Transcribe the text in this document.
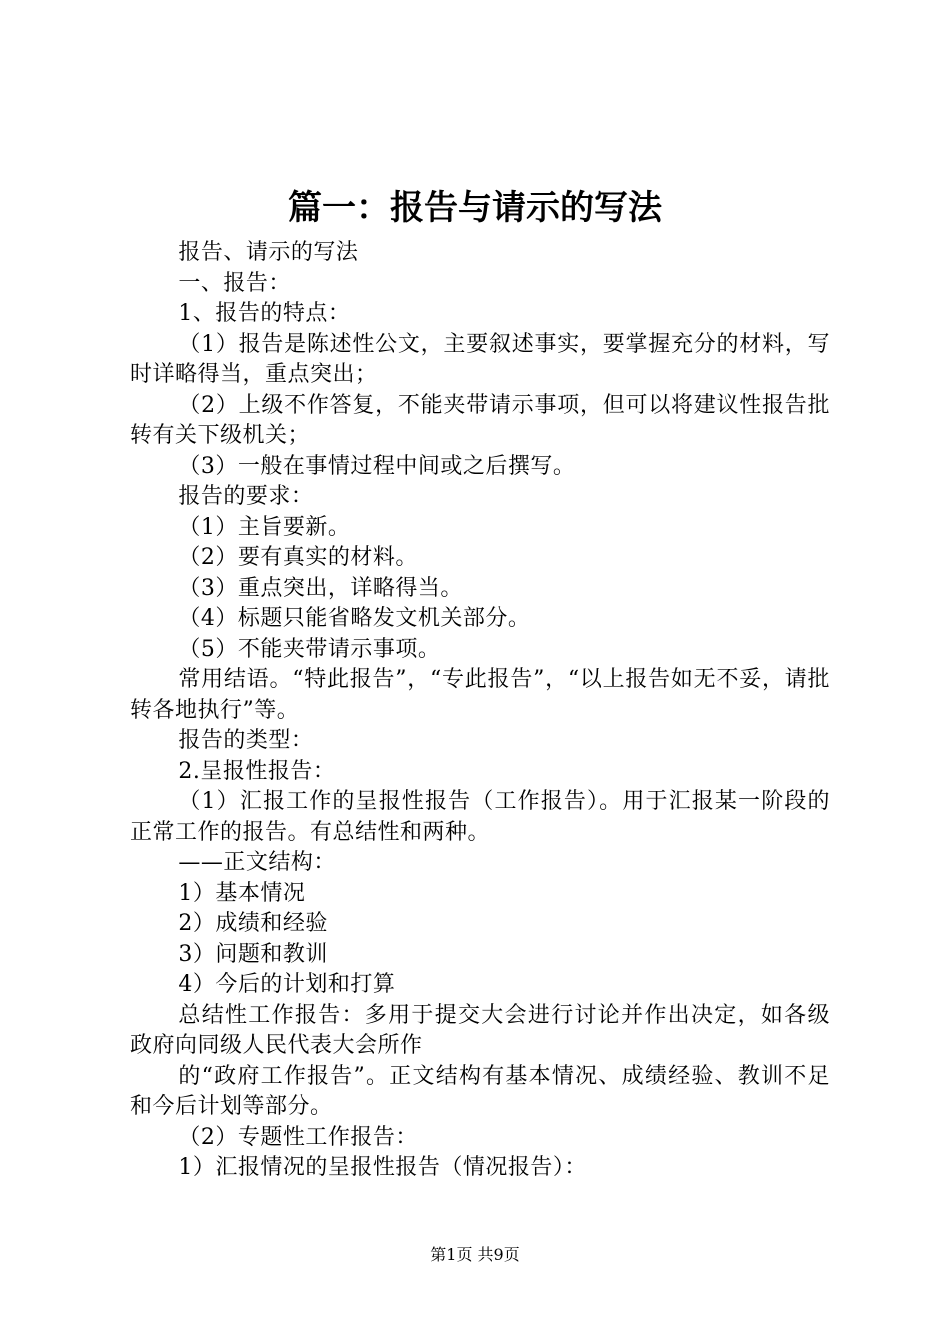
篇一：报告与请示的写法

报告、请示的写法

一、报告：

1、报告的特点：

（1）报告是陈述性公文，主要叙述事实，要掌握充分的材料，写时详略得当，重点突出；

（2）上级不作答复，不能夹带请示事项，但可以将建议性报告批转有关下级机关；

（3）一般在事情过程中间或之后撰写。

报告的要求：

（1）主旨要新。

（2）要有真实的材料。

（3）重点突出，详略得当。

（4）标题只能省略发文机关部分。

（5）不能夹带请示事项。

常用结语。“特此报告”，“专此报告”，“以上报告如无不妥，请批转各地执行”等。

报告的类型：

2.呈报性报告：

（1）汇报工作的呈报性报告（工作报告）。用于汇报某一阶段的正常工作的报告。有总结性和两种。

——正文结构：

1）基本情况

2）成绩和经验

3）问题和教训

4）今后的计划和打算

总结性工作报告：多用于提交大会进行讨论并作出决定，如各级政府向同级人民代表大会所作

的“政府工作报告”。正文结构有基本情况、成绩经验、教训不足和今后计划等部分。

（2）专题性工作报告：

1）汇报情况的呈报性报告（情况报告）：

第1页 共9页
